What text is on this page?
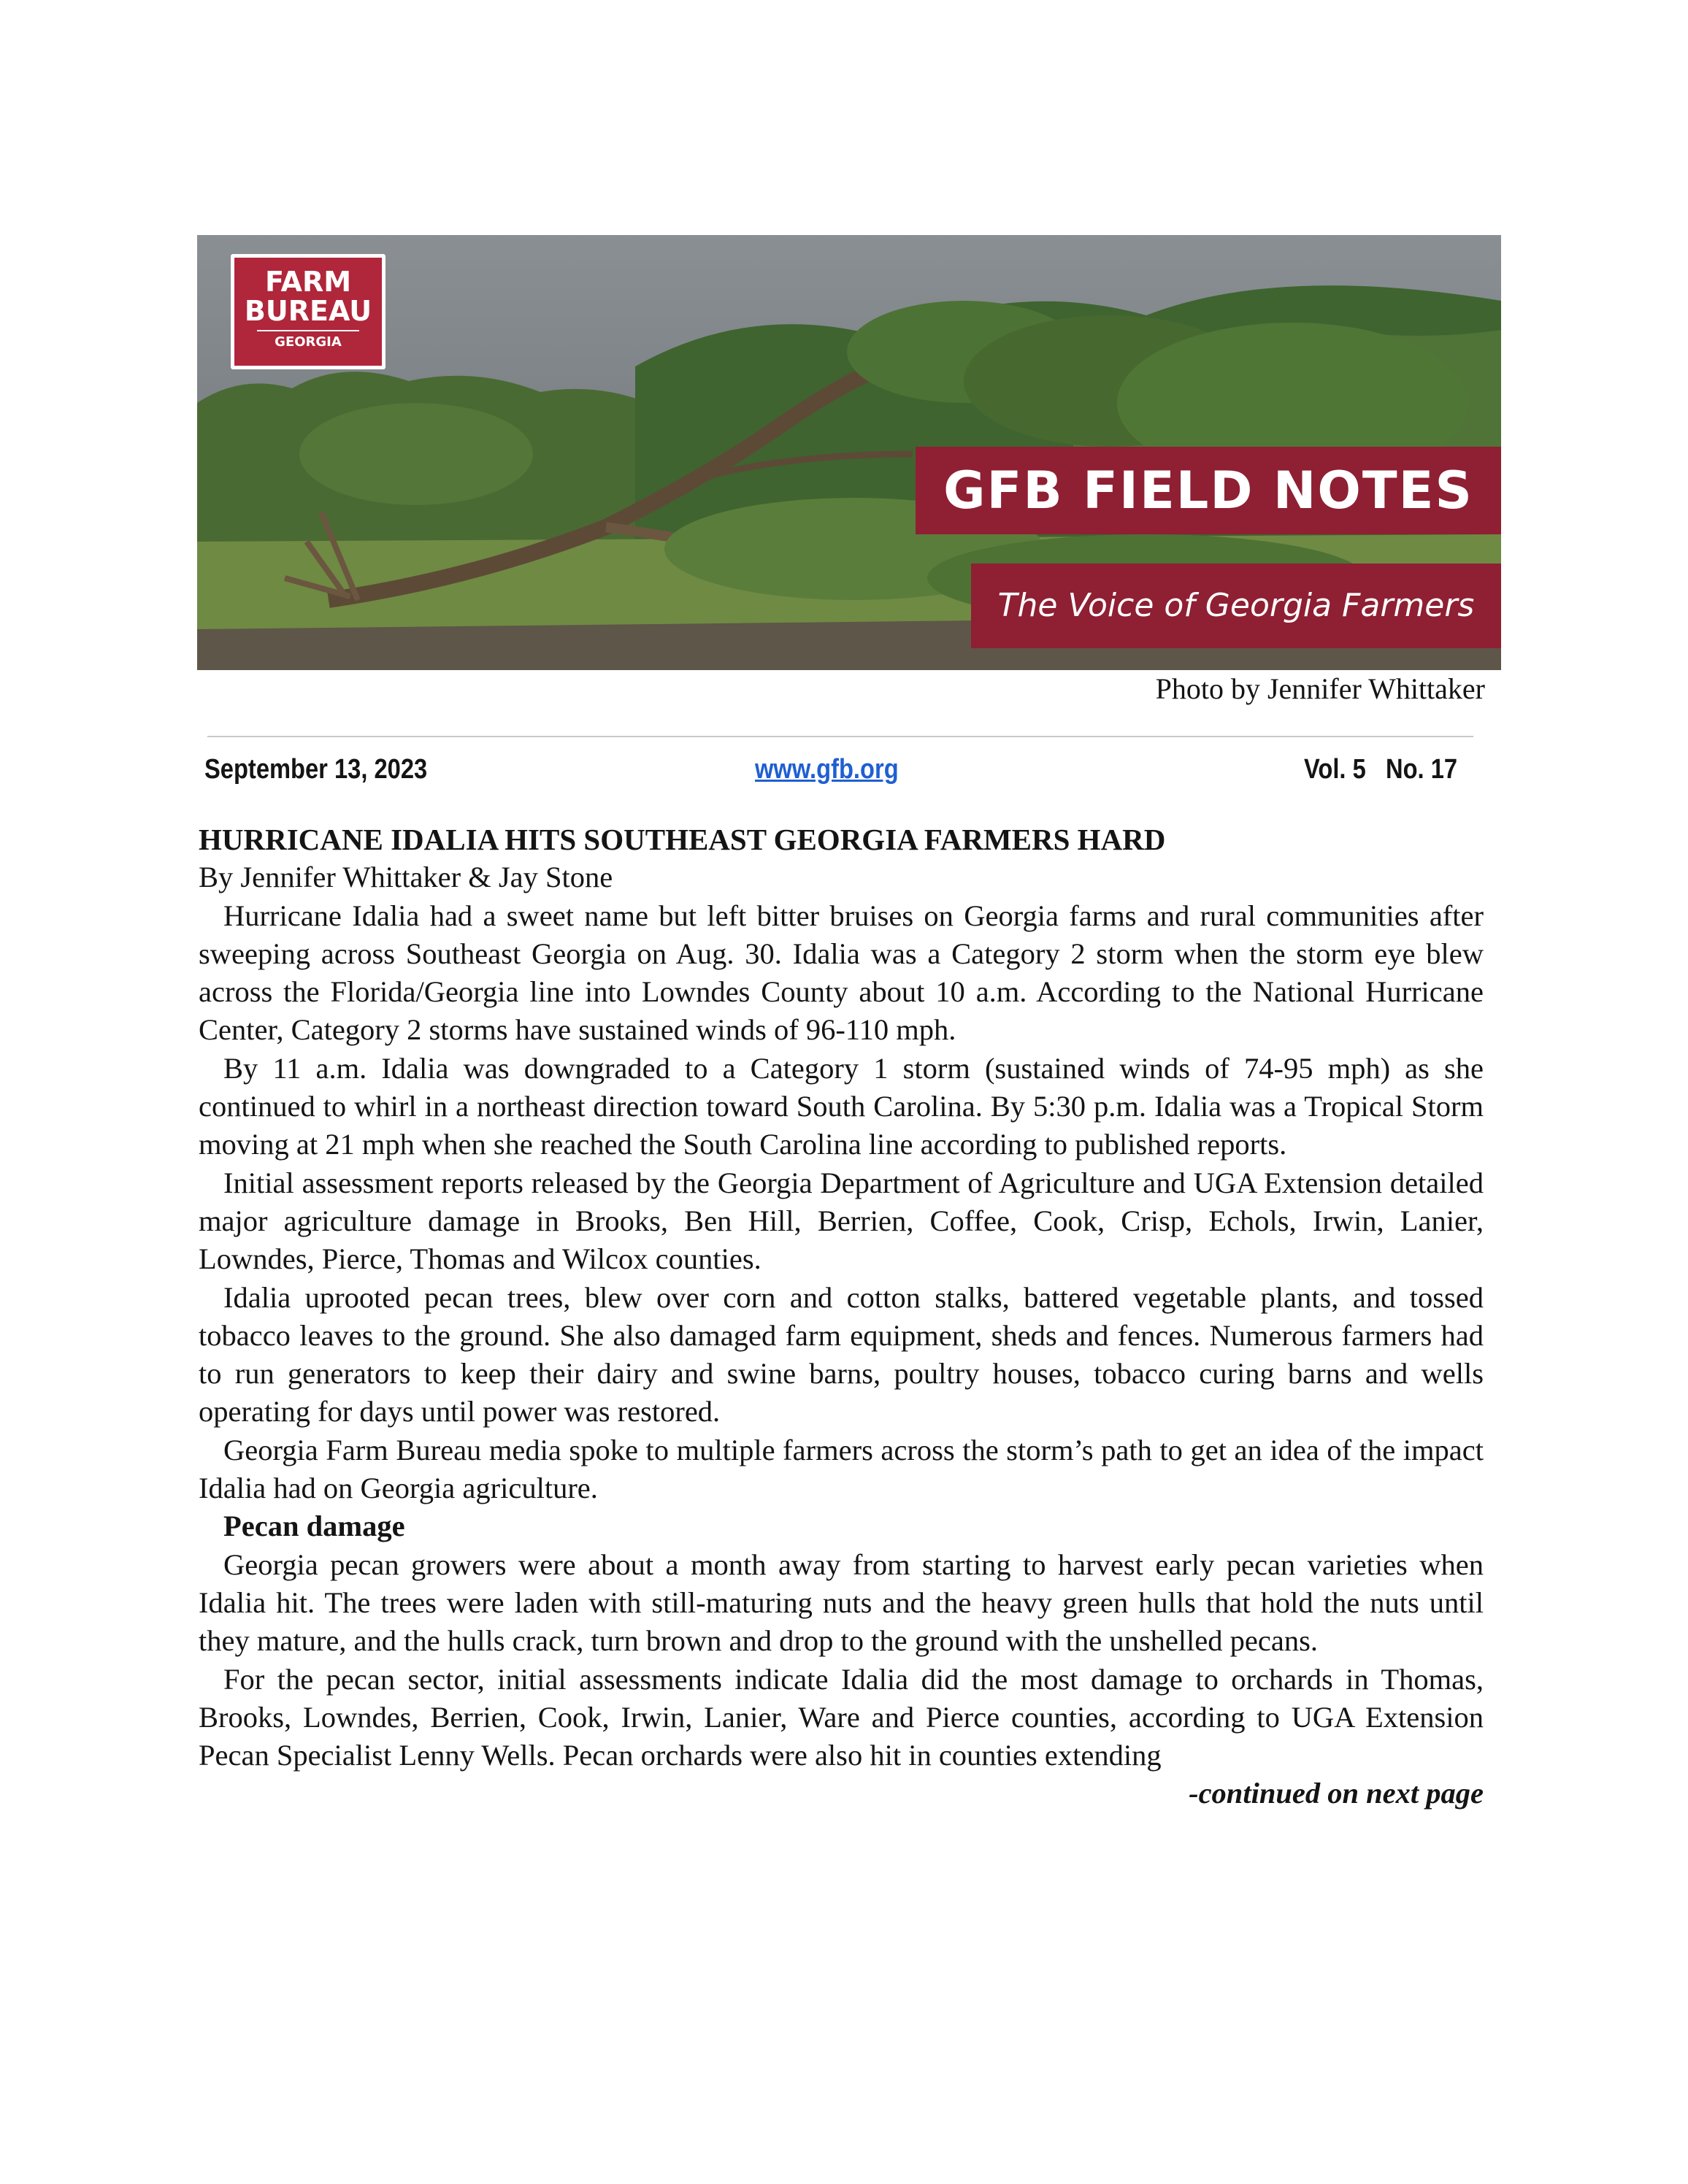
FARM
BUREAU
GEORGIA
GFB FIELD NOTES
The Voice of Georgia Farmers
Photo by Jennifer Whittaker
September 13, 2023	www.gfb.org	Vol. 5   No. 17

HURRICANE IDALIA HITS SOUTHEAST GEORGIA FARMERS HARD

By Jennifer Whittaker & Jay Stone

Hurricane Idalia had a sweet name but left bitter bruises on Georgia farms and rural communities after sweeping across Southeast Georgia on Aug. 30. Idalia was a Category 2 storm when the storm eye blew across the Florida/Georgia line into Lowndes County about 10 a.m. According to the National Hurricane Center, Category 2 storms have sustained winds of 96-110 mph.

By 11 a.m. Idalia was downgraded to a Category 1 storm (sustained winds of 74-95 mph) as she continued to whirl in a northeast direction toward South Carolina. By 5:30 p.m. Idalia was a Tropical Storm moving at 21 mph when she reached the South Carolina line according to published reports.

Initial assessment reports released by the Georgia Department of Agriculture and UGA Extension detailed major agriculture damage in Brooks, Ben Hill, Berrien, Coffee, Cook, Crisp, Echols, Irwin, Lanier, Lowndes, Pierce, Thomas and Wilcox counties.

Idalia uprooted pecan trees, blew over corn and cotton stalks, battered vegetable plants, and tossed tobacco leaves to the ground. She also damaged farm equipment, sheds and fences. Numerous farmers had to run generators to keep their dairy and swine barns, poultry houses, tobacco curing barns and wells operating for days until power was restored.

Georgia Farm Bureau media spoke to multiple farmers across the storm’s path to get an idea of the impact Idalia had on Georgia agriculture.

Pecan damage

Georgia pecan growers were about a month away from starting to harvest early pecan varieties when Idalia hit. The trees were laden with still-maturing nuts and the heavy green hulls that hold the nuts until they mature, and the hulls crack, turn brown and drop to the ground with the unshelled pecans.

For the pecan sector, initial assessments indicate Idalia did the most damage to orchards in Thomas, Brooks, Lowndes, Berrien, Cook, Irwin, Lanier, Ware and Pierce counties, according to UGA Extension Pecan Specialist Lenny Wells. Pecan orchards were also hit in counties extending

-continued on next page
